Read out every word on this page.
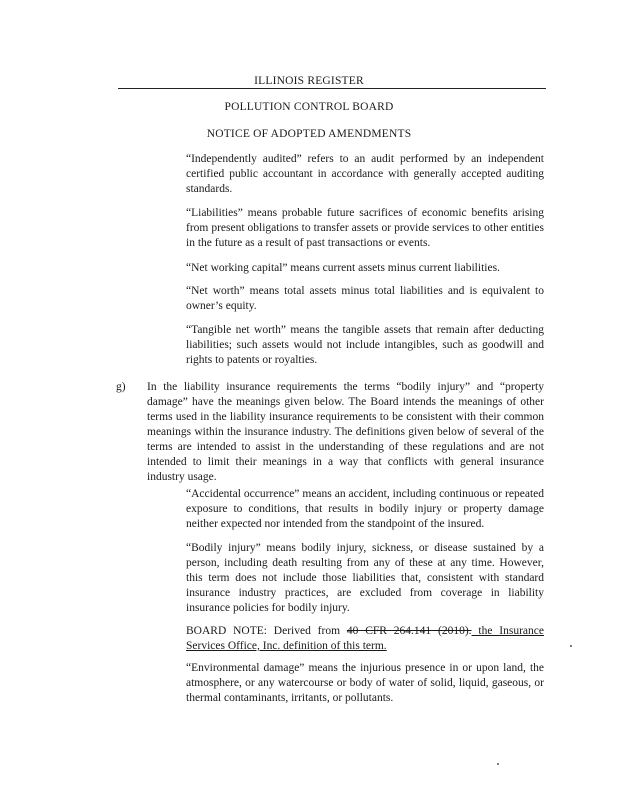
ILLINOIS REGISTER
POLLUTION CONTROL BOARD
NOTICE OF ADOPTED AMENDMENTS

“Independently audited” refers to an audit performed by an independent certified public accountant in accordance with generally accepted auditing standards.

“Liabilities” means probable future sacrifices of economic benefits arising from present obligations to transfer assets or provide services to other entities in the future as a result of past transactions or events.

“Net working capital” means current assets minus current liabilities.

“Net worth” means total assets minus total liabilities and is equivalent to owner’s equity.

“Tangible net worth” means the tangible assets that remain after deducting liabilities; such assets would not include intangibles, such as goodwill and rights to patents or royalties.

g) In the liability insurance requirements the terms “bodily injury” and “property damage” have the meanings given below. The Board intends the meanings of other terms used in the liability insurance requirements to be consistent with their common meanings within the insurance industry. The definitions given below of several of the terms are intended to assist in the understanding of these regulations and are not intended to limit their meanings in a way that conflicts with general insurance industry usage.

“Accidental occurrence” means an accident, including continuous or repeated exposure to conditions, that results in bodily injury or property damage neither expected nor intended from the standpoint of the insured.

“Bodily injury” means bodily injury, sickness, or disease sustained by a person, including death resulting from any of these at any time. However, this term does not include those liabilities that, consistent with standard insurance industry practices, are excluded from coverage in liability insurance policies for bodily injury.

BOARD NOTE: Derived from 40 CFR 264.141 (2010). the Insurance Services Office, Inc. definition of this term.

“Environmental damage” means the injurious presence in or upon land, the atmosphere, or any watercourse or body of water of solid, liquid, gaseous, or thermal contaminants, irritants, or pollutants.
